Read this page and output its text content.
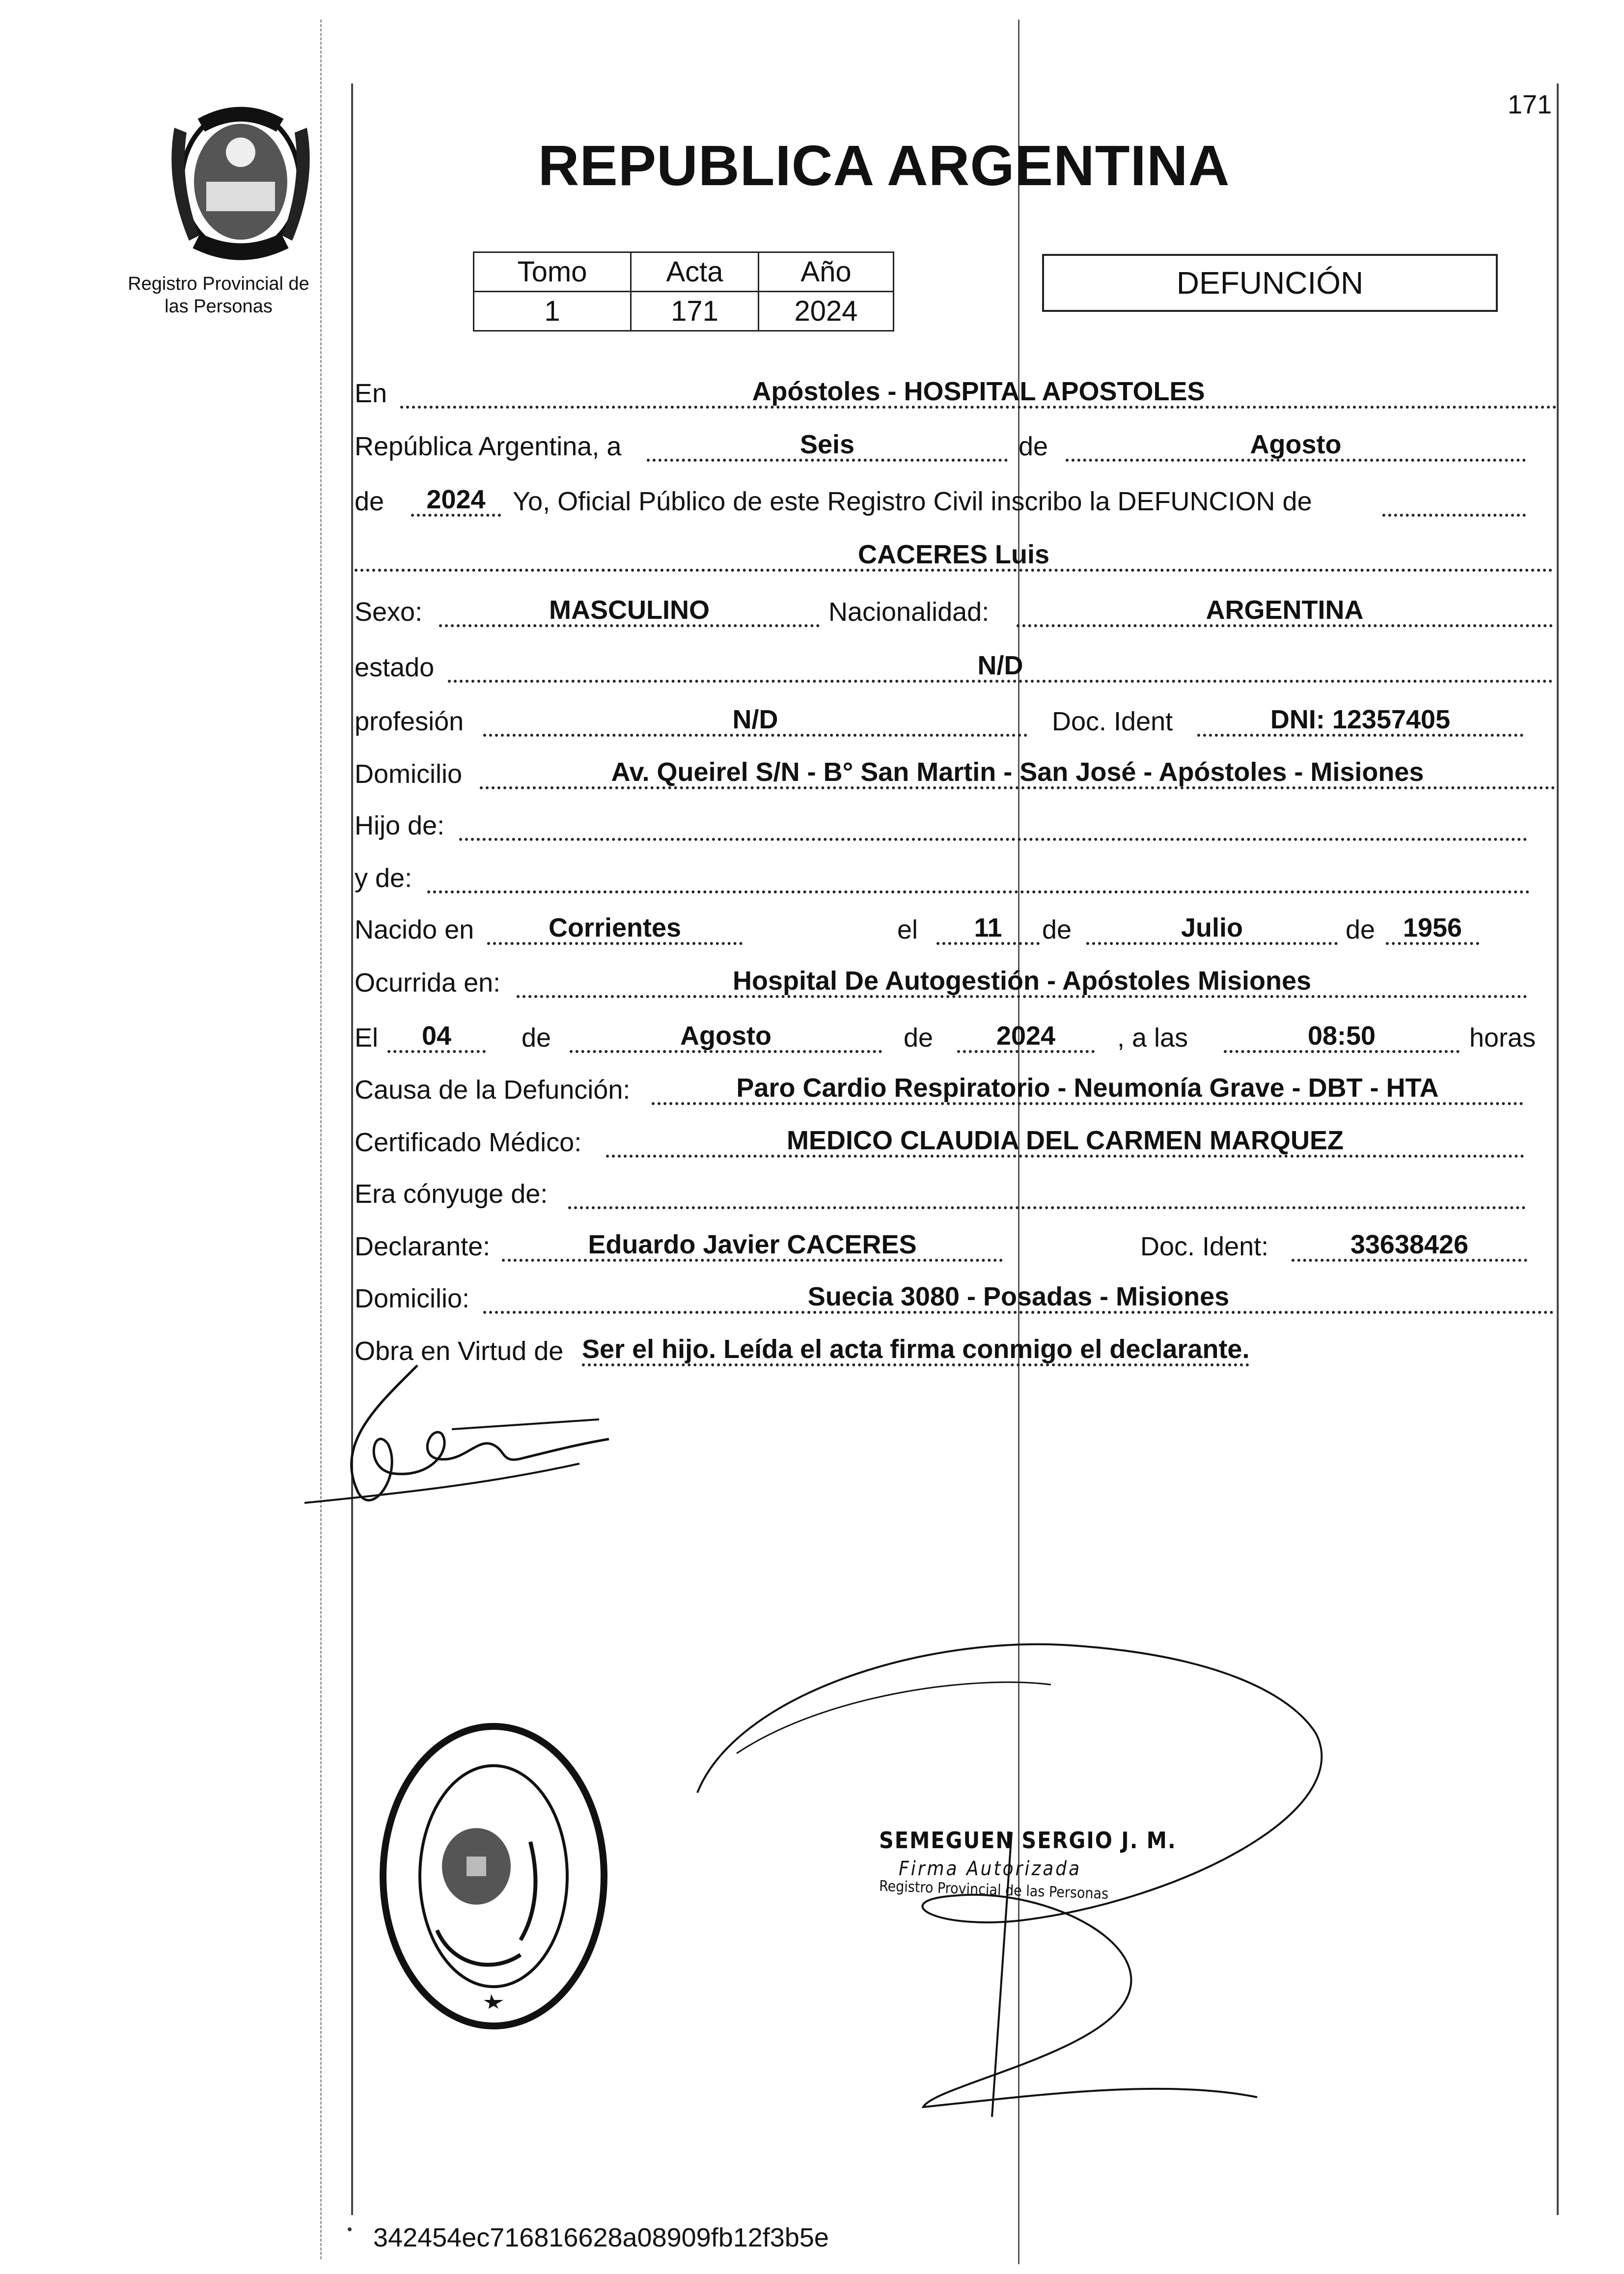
Registro Provincial de
las Personas
171
REPUBLICA ARGENTINA
Tomo	Acta	Año
1	171	2024
DEFUNCIÓN
En	Apóstoles - HOSPITAL APOSTOLES
República Argentina, a	Seis	de	Agosto
de	2024	Yo, Oficial Público de este Registro Civil inscribo la DEFUNCION de
CACERES Luis
Sexo:	MASCULINO	Nacionalidad:	ARGENTINA
estado	N/D
profesión	N/D	Doc. Ident	DNI: 12357405
Domicilio	Av. Queirel S/N - B° San Martin - San José - Apóstoles - Misiones
Hijo de:
y de:
Nacido en	Corrientes	el	11	de	Julio	de	1956
Ocurrida en:	Hospital De Autogestión - Apóstoles Misiones
El	04	de	Agosto	de	2024	, a las	08:50	horas
Causa de la Defunción:	Paro Cardio Respiratorio - Neumonía Grave - DBT - HTA
Certificado Médico:	MEDICO CLAUDIA DEL CARMEN MARQUEZ
Era cónyuge de:
Declarante:	Eduardo Javier CACERES	Doc. Ident:	33638426
Domicilio:	Suecia 3080 - Posadas - Misiones
Obra en Virtud de Ser el hijo. Leída el acta firma conmigo el declarante.
SEMEGUEN SERGIO J. M.
Firma Autorizada
Registro Provincial de las Personas
342454ec716816628a08909fb12f3b5e
